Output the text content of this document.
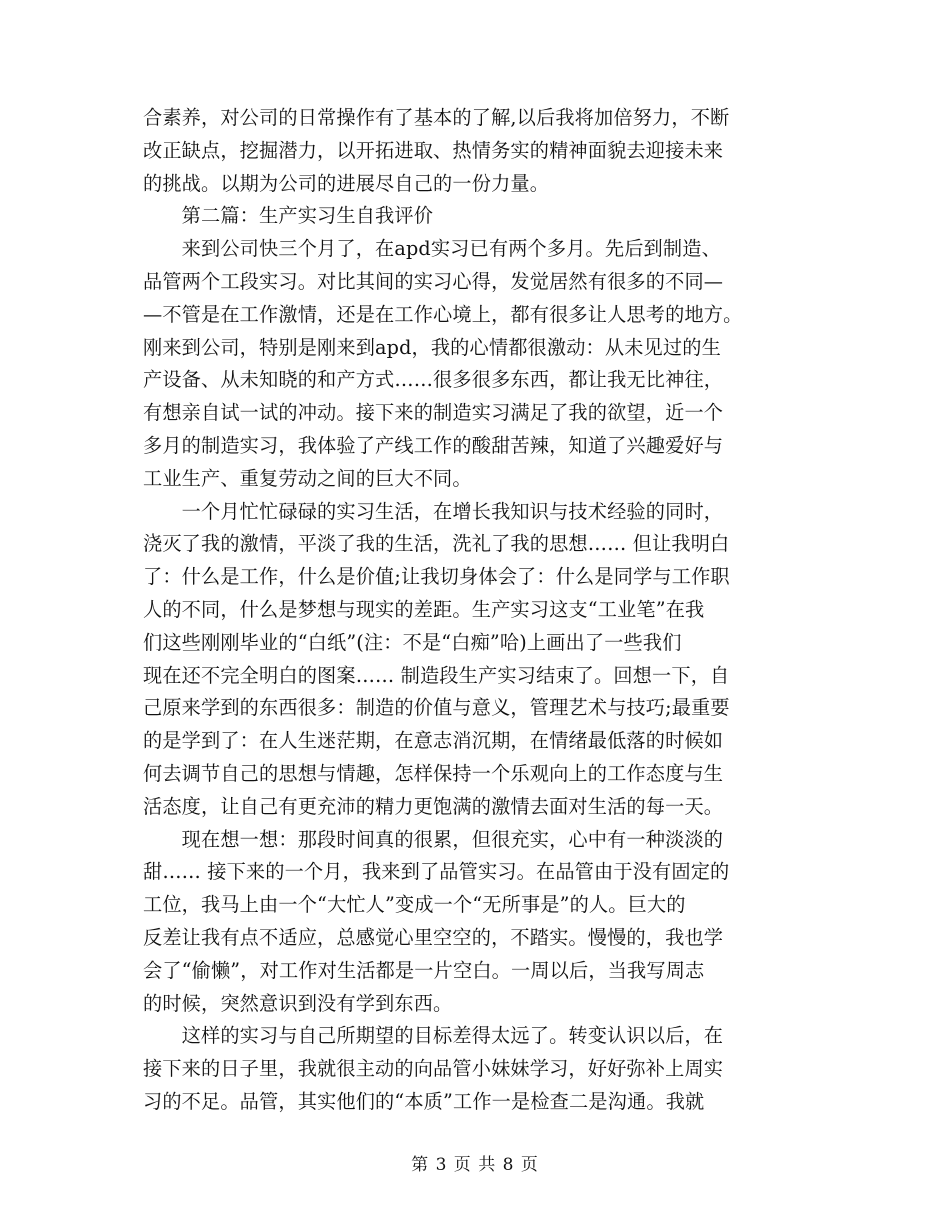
合素养，对公司的日常操作有了基本的了解,以后我将加倍努力，不断
改正缺点，挖掘潜力，以开拓进取、热情务实的精神面貌去迎接未来
的挑战。以期为公司的进展尽自己的一份力量。
　　第二篇：生产实习生自我评价
　　来到公司快三个月了，在apd实习已有两个多月。先后到制造、
品管两个工段实习。对比其间的实习心得，发觉居然有很多的不同—
—不管是在工作激情，还是在工作心境上，都有很多让人思考的地方。
刚来到公司，特别是刚来到apd，我的心情都很激动：从未见过的生
产设备、从未知晓的和产方式……很多很多东西，都让我无比神往，
有想亲自试一试的冲动。接下来的制造实习满足了我的欲望，近一个
多月的制造实习，我体验了产线工作的酸甜苦辣，知道了兴趣爱好与
工业生产、重复劳动之间的巨大不同。
　　一个月忙忙碌碌的实习生活，在增长我知识与技术经验的同时，
浇灭了我的激情，平淡了我的生活，洗礼了我的思想…… 但让我明白
了：什么是工作，什么是价值;让我切身体会了：什么是同学与工作职
人的不同，什么是梦想与现实的差距。生产实习这支“工业笔”在我
们这些刚刚毕业的“白纸”(注：不是“白痴”哈)上画出了一些我们
现在还不完全明白的图案…… 制造段生产实习结束了。回想一下，自
己原来学到的东西很多：制造的价值与意义，管理艺术与技巧;最重要
的是学到了：在人生迷茫期，在意志消沉期，在情绪最低落的时候如
何去调节自己的思想与情趣，怎样保持一个乐观向上的工作态度与生
活态度，让自己有更充沛的精力更饱满的激情去面对生活的每一天。
　　现在想一想：那段时间真的很累，但很充实，心中有一种淡淡的
甜…… 接下来的一个月，我来到了品管实习。在品管由于没有固定的
工位，我马上由一个“大忙人”变成一个“无所事是”的人。巨大的
反差让我有点不适应，总感觉心里空空的，不踏实。慢慢的，我也学
会了“偷懒”，对工作对生活都是一片空白。一周以后，当我写周志
的时候，突然意识到没有学到东西。
　　这样的实习与自己所期望的目标差得太远了。转变认识以后，在
接下来的日子里，我就很主动的向品管小妹妹学习，好好弥补上周实
习的不足。品管，其实他们的“本质”工作一是检查二是沟通。我就
第 3 页 共 8 页
